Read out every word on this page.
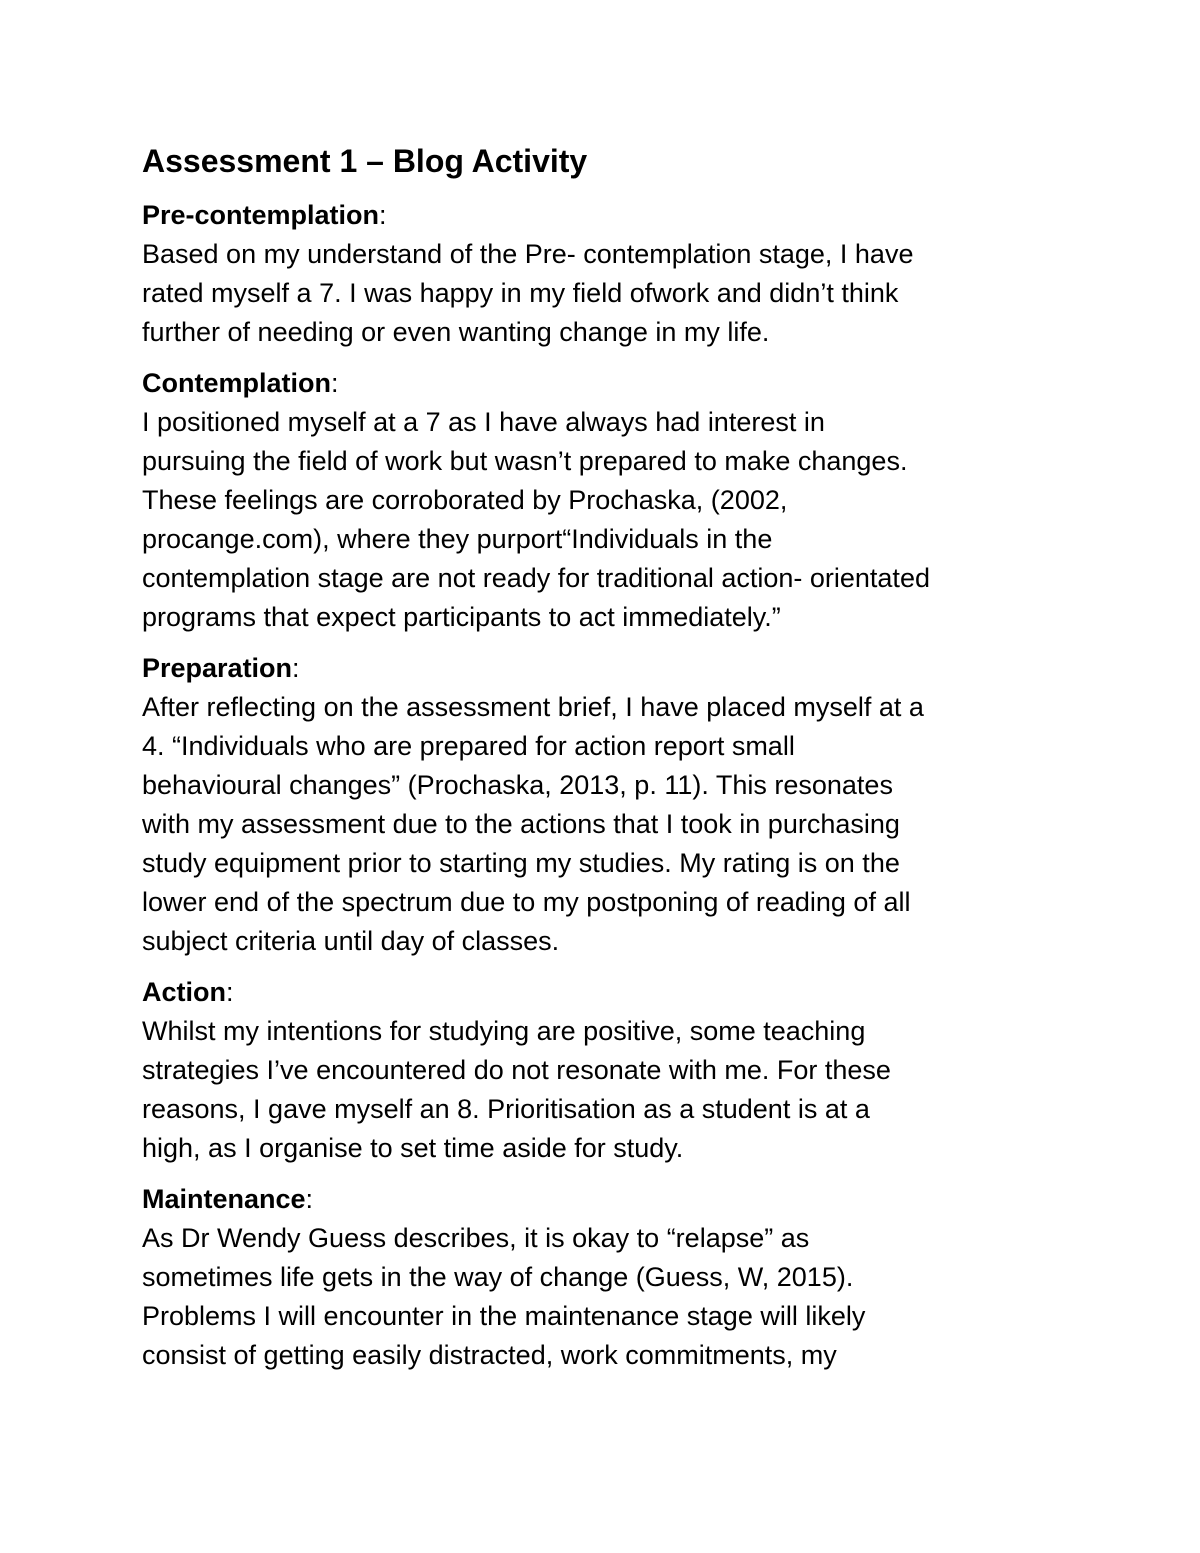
Assessment 1 – Blog Activity

Pre-contemplation:

Based on my understand of the Pre- contemplation stage, I have
rated myself a 7. I was happy in my field ofwork and didn’t think
further of needing or even wanting change in my life.

Contemplation:

I positioned myself at a 7 as I have always had interest in
pursuing the field of work but wasn’t prepared to make changes.
These feelings are corroborated by Prochaska, (2002,
procange.com), where they purport“Individuals in the
contemplation stage are not ready for traditional action- orientated
programs that expect participants to act immediately.”

Preparation:

After reflecting on the assessment brief, I have placed myself at a
4. “Individuals who are prepared for action report small
behavioural changes” (Prochaska, 2013, p. 11). This resonates
with my assessment due to the actions that I took in purchasing
study equipment prior to starting my studies. My rating is on the
lower end of the spectrum due to my postponing of reading of all
subject criteria until day of classes.

Action:

Whilst my intentions for studying are positive, some teaching
strategies I’ve encountered do not resonate with me. For these
reasons, I gave myself an 8. Prioritisation as a student is at a
high, as I organise to set time aside for study.

Maintenance:

As Dr Wendy Guess describes, it is okay to “relapse” as
sometimes life gets in the way of change (Guess, W, 2015).
Problems I will encounter in the maintenance stage will likely
consist of getting easily distracted, work commitments, my
